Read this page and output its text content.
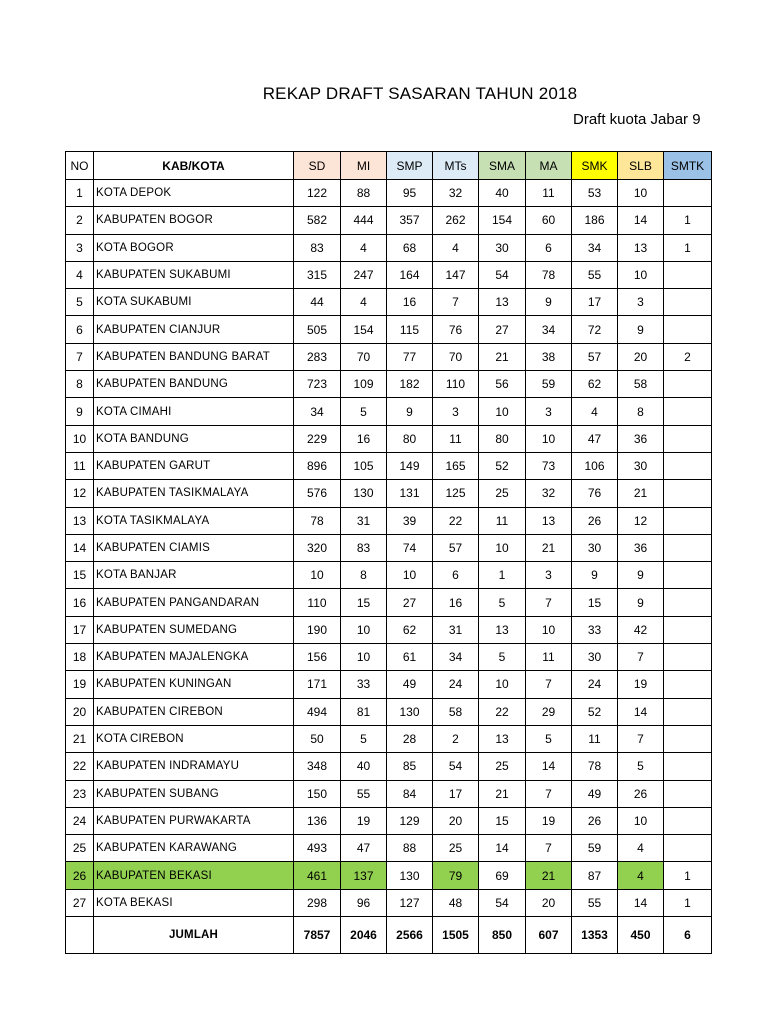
REKAP DRAFT SASARAN TAHUN 2018
Draft kuota Jabar 9
NO	KAB/KOTA	SD	MI	SMP	MTs	SMA	MA	SMK	SLB	SMTK
1	KOTA DEPOK	122	88	95	32	40	11	53	10	
2	KABUPATEN BOGOR	582	444	357	262	154	60	186	14	1
3	KOTA BOGOR	83	4	68	4	30	6	34	13	1
4	KABUPATEN SUKABUMI	315	247	164	147	54	78	55	10	
5	KOTA SUKABUMI	44	4	16	7	13	9	17	3	
6	KABUPATEN CIANJUR	505	154	115	76	27	34	72	9	
7	KABUPATEN BANDUNG BARAT	283	70	77	70	21	38	57	20	2
8	KABUPATEN BANDUNG	723	109	182	110	56	59	62	58	
9	KOTA CIMAHI	34	5	9	3	10	3	4	8	
10	KOTA BANDUNG	229	16	80	11	80	10	47	36	
11	KABUPATEN GARUT	896	105	149	165	52	73	106	30	
12	KABUPATEN TASIKMALAYA	576	130	131	125	25	32	76	21	
13	KOTA TASIKMALAYA	78	31	39	22	11	13	26	12	
14	KABUPATEN CIAMIS	320	83	74	57	10	21	30	36	
15	KOTA BANJAR	10	8	10	6	1	3	9	9	
16	KABUPATEN PANGANDARAN	110	15	27	16	5	7	15	9	
17	KABUPATEN SUMEDANG	190	10	62	31	13	10	33	42	
18	KABUPATEN MAJALENGKA	156	10	61	34	5	11	30	7	
19	KABUPATEN KUNINGAN	171	33	49	24	10	7	24	19	
20	KABUPATEN CIREBON	494	81	130	58	22	29	52	14	
21	KOTA CIREBON	50	5	28	2	13	5	11	7	
22	KABUPATEN INDRAMAYU	348	40	85	54	25	14	78	5	
23	KABUPATEN SUBANG	150	55	84	17	21	7	49	26	
24	KABUPATEN PURWAKARTA	136	19	129	20	15	19	26	10	
25	KABUPATEN KARAWANG	493	47	88	25	14	7	59	4	
26	KABUPATEN BEKASI	461	137	130	79	69	21	87	4	1
27	KOTA BEKASI	298	96	127	48	54	20	55	14	1
	JUMLAH	7857	2046	2566	1505	850	607	1353	450	6
